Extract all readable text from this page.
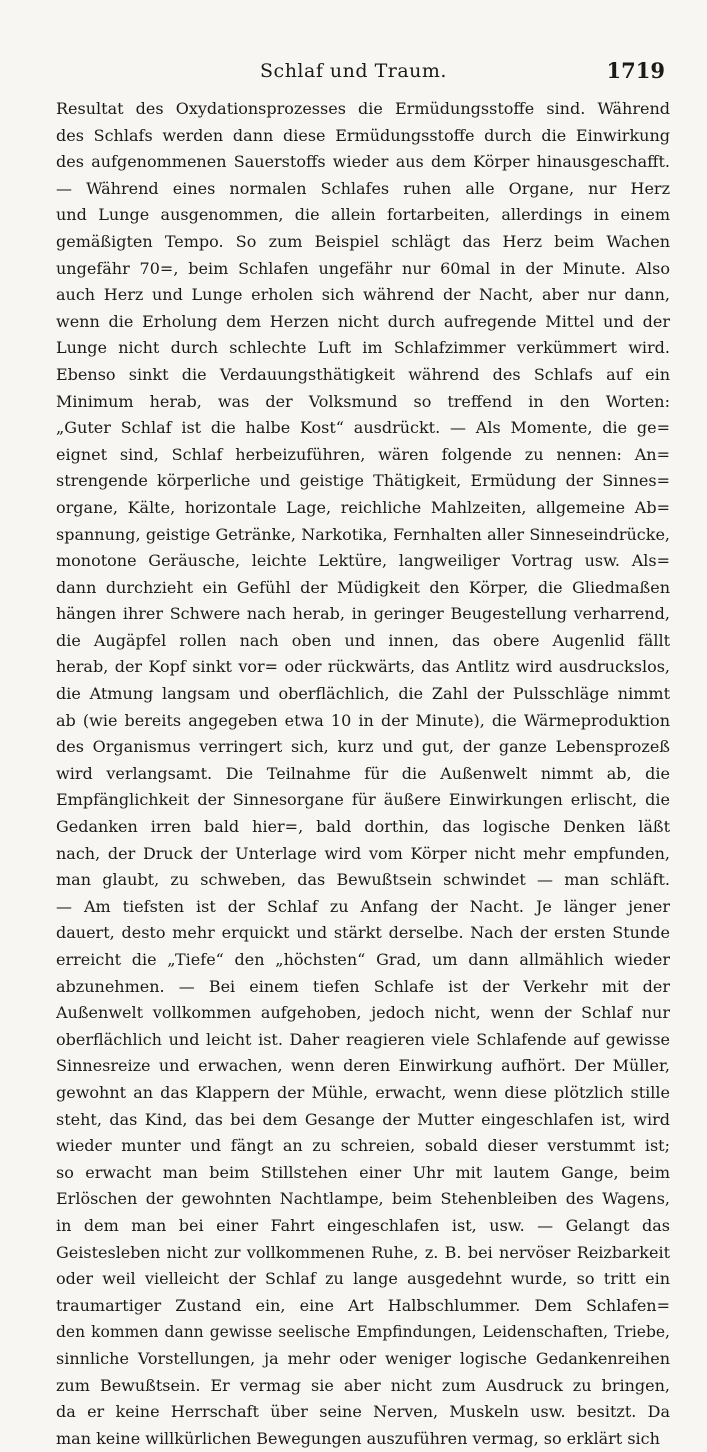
Schlaf und Traum.	1719
Resultat des Oxydationsprozesses die Ermüdungsstoffe sind. Während
des Schlafs werden dann diese Ermüdungsstoffe durch die Einwirkung
des aufgenommenen Sauerstoffs wieder aus dem Körper hinausgeschafft.
— Während eines normalen Schlafes ruhen alle Organe, nur Herz
und Lunge ausgenommen, die allein fortarbeiten, allerdings in einem
gemäßigten Tempo. So zum Beispiel schlägt das Herz beim Wachen
ungefähr 70=, beim Schlafen ungefähr nur 60mal in der Minute. Also
auch Herz und Lunge erholen sich während der Nacht, aber nur dann,
wenn die Erholung dem Herzen nicht durch aufregende Mittel und der
Lunge nicht durch schlechte Luft im Schlafzimmer verkümmert wird.
Ebenso sinkt die Verdauungsthätigkeit während des Schlafs auf ein
Minimum herab, was der Volksmund so treffend in den Worten:
„Guter Schlaf ist die halbe Kost“ ausdrückt. — Als Momente, die ge=
eignet sind, Schlaf herbeizuführen, wären folgende zu nennen: An=
strengende körperliche und geistige Thätigkeit, Ermüdung der Sinnes=
organe, Kälte, horizontale Lage, reichliche Mahlzeiten, allgemeine Ab=
spannung, geistige Getränke, Narkotika, Fernhalten aller Sinneseindrücke,
monotone Geräusche, leichte Lektüre, langweiliger Vortrag usw. Als=
dann durchzieht ein Gefühl der Müdigkeit den Körper, die Gliedmaßen
hängen ihrer Schwere nach herab, in geringer Beugestellung verharrend,
die Augäpfel rollen nach oben und innen, das obere Augenlid fällt
herab, der Kopf sinkt vor= oder rückwärts, das Antlitz wird ausdruckslos,
die Atmung langsam und oberflächlich, die Zahl der Pulsschläge nimmt
ab (wie bereits angegeben etwa 10 in der Minute), die Wärmeproduktion
des Organismus verringert sich, kurz und gut, der ganze Lebensprozeß
wird verlangsamt. Die Teilnahme für die Außenwelt nimmt ab, die
Empfänglichkeit der Sinnesorgane für äußere Einwirkungen erlischt, die
Gedanken irren bald hier=, bald dorthin, das logische Denken läßt
nach, der Druck der Unterlage wird vom Körper nicht mehr empfunden,
man glaubt, zu schweben, das Bewußtsein schwindet — man schläft.
— Am tiefsten ist der Schlaf zu Anfang der Nacht. Je länger jener
dauert, desto mehr erquickt und stärkt derselbe. Nach der ersten Stunde
erreicht die „Tiefe“ den „höchsten“ Grad, um dann allmählich wieder
abzunehmen. — Bei einem tiefen Schlafe ist der Verkehr mit der
Außenwelt vollkommen aufgehoben, jedoch nicht, wenn der Schlaf nur
oberflächlich und leicht ist. Daher reagieren viele Schlafende auf gewisse
Sinnesreize und erwachen, wenn deren Einwirkung aufhört. Der Müller,
gewohnt an das Klappern der Mühle, erwacht, wenn diese plötzlich stille
steht, das Kind, das bei dem Gesange der Mutter eingeschlafen ist, wird
wieder munter und fängt an zu schreien, sobald dieser verstummt ist;
so erwacht man beim Stillstehen einer Uhr mit lautem Gange, beim
Erlöschen der gewohnten Nachtlampe, beim Stehenbleiben des Wagens,
in dem man bei einer Fahrt eingeschlafen ist, usw. — Gelangt das
Geistesleben nicht zur vollkommenen Ruhe, z. B. bei nervöser Reizbarkeit
oder weil vielleicht der Schlaf zu lange ausgedehnt wurde, so tritt ein
traumartiger Zustand ein, eine Art Halbschlummer. Dem Schlafen=
den kommen dann gewisse seelische Empfindungen, Leidenschaften, Triebe,
sinnliche Vorstellungen, ja mehr oder weniger logische Gedankenreihen
zum Bewußtsein. Er vermag sie aber nicht zum Ausdruck zu bringen,
da er keine Herrschaft über seine Nerven, Muskeln usw. besitzt. Da
man keine willkürlichen Bewegungen auszuführen vermag, so erklärt sich
